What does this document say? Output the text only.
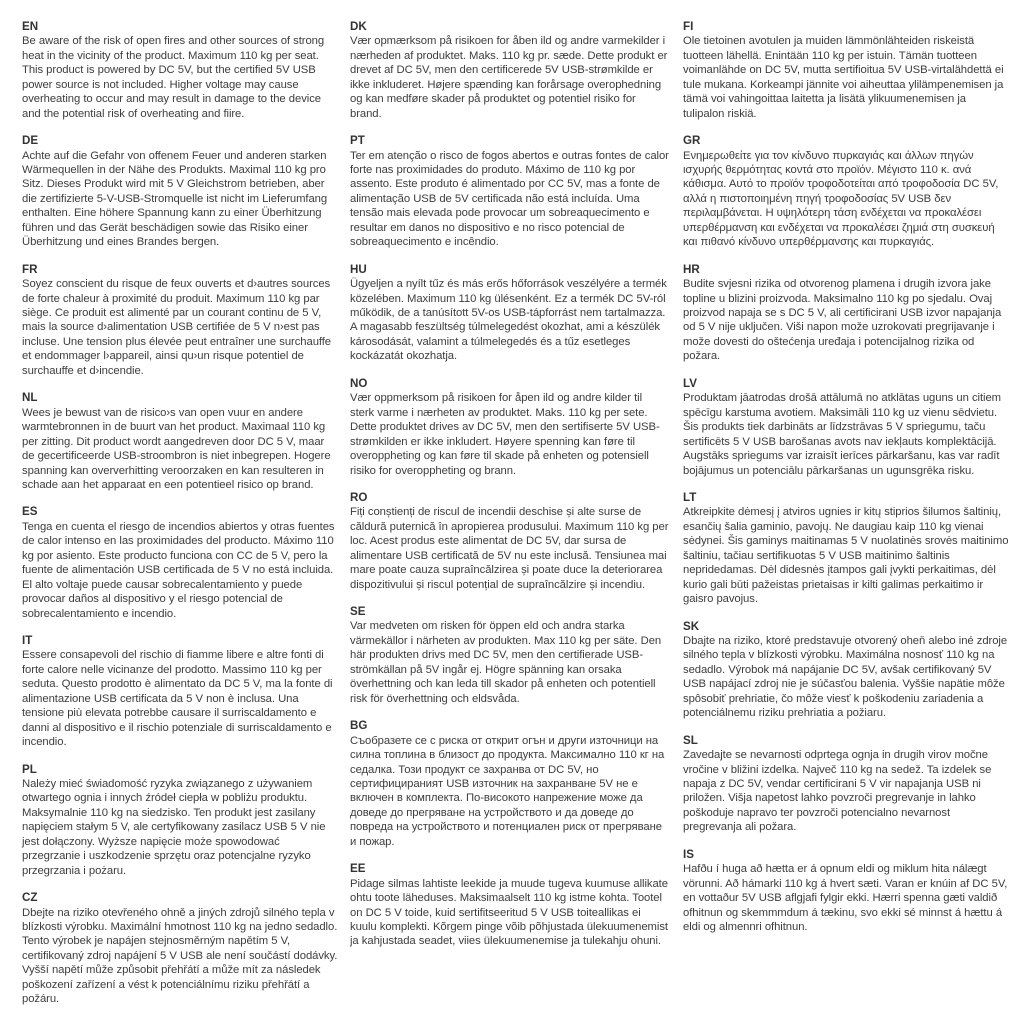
EN

Be aware of the risk of open fires and other sources of strong heat in the vicinity of the product. Maximum 110 kg per seat. This product is powered by DC 5V, but the certified 5V USB power source is not included. Higher voltage may cause overheating to occur and may result in damage to the device and the potential risk of overheating and fiire.

DE

Achte auf die Gefahr von offenem Feuer und anderen starken Wärmequellen in der Nähe des Produkts. Maximal 110 kg pro Sitz. Dieses Produkt wird mit 5 V Gleichstrom betrieben, aber die zertifizierte 5-V-USB-Stromquelle ist nicht im Lieferumfang enthalten. Eine höhere Spannung kann zu einer Überhitzung führen und das Gerät beschädigen sowie das Risiko einer Überhitzung und eines Brandes bergen.

FR

Soyez conscient du risque de feux ouverts et d›autres sources de forte chaleur à proximité du produit. Maximum 110 kg par siège. Ce produit est alimenté par un courant continu de 5 V, mais la source d›alimentation USB certifiée de 5 V n›est pas incluse. Une tension plus élevée peut entraîner une surchauffe et endommager l›appareil, ainsi qu›un risque potentiel de surchauffe et d›incendie.

NL

Wees je bewust van de risico›s van open vuur en andere warmtebronnen in de buurt van het product. Maximaal 110 kg per zitting. Dit product wordt aangedreven door DC 5 V, maar de gecertificeerde USB-stroombron is niet inbegrepen. Hogere spanning kan oververhitting veroorzaken en kan resulteren in schade aan het apparaat en een potentieel risico op brand.

ES

Tenga en cuenta el riesgo de incendios abiertos y otras fuentes de calor intenso en las proximidades del producto. Máximo 110 kg por asiento. Este producto funciona con CC de 5 V, pero la fuente de alimentación USB certificada de 5 V no está incluida. El alto voltaje puede causar sobrecalentamiento y puede provocar daños al dispositivo y el riesgo potencial de sobrecalentamiento e incendio.

IT

Essere consapevoli del rischio di fiamme libere e altre fonti di forte calore nelle vicinanze del prodotto. Massimo 110 kg per seduta. Questo prodotto è alimentato da DC 5 V, ma la fonte di alimentazione USB certificata da 5 V non è inclusa. Una tensione più elevata potrebbe causare il surriscaldamento e danni al dispositivo e il rischio potenziale di surriscaldamento e incendio.

PL

Należy mieć świadomość ryzyka związanego z używaniem otwartego ognia i innych źródeł ciepła w pobliżu produktu. Maksymalnie 110 kg na siedzisko. Ten produkt jest zasilany napięciem stałym 5 V, ale certyfikowany zasilacz USB 5 V nie jest dołączony. Wyższe napięcie może spowodować przegrzanie i uszkodzenie sprzętu oraz potencjalne ryzyko przegrzania i pożaru.

CZ

Dbejte na riziko otevřeného ohně a jiných zdrojů silného tepla v blízkosti výrobku. Maximální hmotnost 110 kg na jedno sedadlo. Tento výrobek je napájen stejnosměrným napětím 5 V, certifikovaný zdroj napájení 5 V USB ale není součástí dodávky. Vyšší napětí může způsobit přehřátí a může mít za následek poškození zařízení a vést k potenciálnímu riziku přehřátí a požáru.

DK

Vær opmærksom på risikoen for åben ild og andre varmekilder i nærheden af produktet. Maks. 110 kg pr. sæde. Dette produkt er drevet af DC 5V, men den certificerede 5V USB-strømkilde er ikke inkluderet. Højere spænding kan forårsage overophedning og kan medføre skader på produktet og potentiel risiko for brand.

PT

Ter em atenção o risco de fogos abertos e outras fontes de calor forte nas proximidades do produto. Máximo de 110 kg por assento. Este produto é alimentado por CC 5V, mas a fonte de alimentação USB de 5V certificada não está incluída. Uma tensão mais elevada pode provocar um sobreaquecimento e resultar em danos no dispositivo e no risco potencial de sobreaquecimento e incêndio.

HU

Ügyeljen a nyílt tűz és más erős hőforrások veszélyére a termék közelében. Maximum 110 kg ülésenként. Ez a termék DC 5V-ról működik, de a tanúsított 5V-os USB-tápforrást nem tartalmazza. A magasabb feszültség túlmelegedést okozhat, ami a készülék károsodását, valamint a túlmelegedés és a tűz esetleges kockázatát okozhatja.

NO

Vær oppmerksom på risikoen for åpen ild og andre kilder til sterk varme i nærheten av produktet. Maks. 110 kg per sete. Dette produktet drives av DC 5V, men den sertifiserte 5V USB-strømkilden er ikke inkludert. Høyere spenning kan føre til overoppheting og kan føre til skade på enheten og potensiell risiko for overoppheting og brann.

RO

Fiți conștienți de riscul de incendii deschise și alte surse de căldură puternică în apropierea produsului. Maximum 110 kg per loc. Acest produs este alimentat de DC 5V, dar sursa de alimentare USB certificată de 5V nu este inclusă. Tensiunea mai mare poate cauza supraîncălzirea și poate duce la deteriorarea dispozitivului și riscul potențial de supraîncălzire și incendiu.

SE

Var medveten om risken för öppen eld och andra starka värmekällor i närheten av produkten. Max 110 kg per säte. Den här produkten drivs med DC 5V, men den certifierade USB-strömkällan på 5V ingår ej. Högre spänning kan orsaka överhettning och kan leda till skador på enheten och potentiell risk för överhettning och eldsvåda.

BG

Съобразете се с риска от открит огън и други източници на силна топлина в близост до продукта. Максимално 110 кг на седалка. Този продукт се захранва от DC 5V, но сертифицираният USB източник на захранване 5V не е включен в комплекта. По-високото напрежение може да доведе до прегряване на устройството и да доведе до повреда на устройството и потенциален риск от прегряване и пожар.

EE

Pidage silmas lahtiste leekide ja muude tugeva kuumuse allikate ohtu toote läheduses. Maksimaalselt 110 kg istme kohta. Tootel on DC 5 V toide, kuid sertifitseeritud 5 V USB toiteallikas ei kuulu komplekti. Kõrgem pinge võib põhjustada ülekuumenemist ja kahjustada seadet, viies ülekuumenemise ja tulekahju ohuni.

FI

Ole tietoinen avotulen ja muiden lämmönlähteiden riskeistä tuotteen lähellä. Enintään 110 kg per istuin. Tämän tuotteen voimanlähde on DC 5V, mutta sertifioitua 5V USB-virtalähdettä ei tule mukana. Korkeampi jännite voi aiheuttaa ylilämpenemisen ja tämä voi vahingoittaa laitetta ja lisätä ylikuumenemisen ja tulipalon riskiä.

GR

Ενημερωθείτε για τον κίνδυνο πυρκαγιάς και άλλων πηγών ισχυρής θερμότητας κοντά στο προϊόν. Μέγιστο 110 κ. ανά κάθισμα. Αυτό το προϊόν τροφοδοτείται από τροφοδοσία DC 5V, αλλά η πιστοποιημένη πηγή τροφοδοσίας 5V USB δεν περιλαμβάνεται. Η υψηλότερη τάση ενδέχεται να προκαλέσει υπερθέρμανση και ενδέχεται να προκαλέσει ζημιά στη συσκευή και πιθανό κίνδυνο υπερθέρμανσης και πυρκαγιάς.

HR

Budite svjesni rizika od otvorenog plamena i drugih izvora jake topline u blizini proizvoda. Maksimalno 110 kg po sjedalu. Ovaj proizvod napaja se s DC 5 V, ali certificirani USB izvor napajanja od 5 V nije uključen. Viši napon može uzrokovati pregrijavanje i može dovesti do oštećenja uređaja i potencijalnog rizika od požara.

LV

Produktam jāatrodas drošā attālumā no atklātas uguns un citiem spēcīgu karstuma avotiem. Maksimāli 110 kg uz vienu sēdvietu. Šis produkts tiek darbināts ar līdzstrāvas 5 V spriegumu, taču sertificēts 5 V USB barošanas avots nav iekļauts komplektācijā. Augstāks spriegums var izraisīt ierīces pārkaršanu, kas var radīt bojājumus un potenciālu pārkaršanas un ugunsgrēka risku.

LT

Atkreipkite dėmesį į atviros ugnies ir kitų stiprios šilumos šaltinių, esančių šalia gaminio, pavojų. Ne daugiau kaip 110 kg vienai sėdynei. Šis gaminys maitinamas 5 V nuolatinės srovės maitinimo šaltiniu, tačiau sertifikuotas 5 V USB maitinimo šaltinis nepridedamas. Dėl didesnės įtampos gali įvykti perkaitimas, dėl kurio gali būti pažeistas prietaisas ir kilti galimas perkaitimo ir gaisro pavojus.

SK

Dbajte na riziko, ktoré predstavuje otvorený oheň alebo iné zdroje silného tepla v blízkosti výrobku. Maximálna nosnosť 110 kg na sedadlo. Výrobok má napájanie DC 5V, avšak certifikovaný 5V USB napájací zdroj nie je súčasťou balenia. Vyššie napätie môže spôsobiť prehriatie, čo môže viesť k poškodeniu zariadenia a potenciálnemu riziku prehriatia a požiaru.

SL

Zavedajte se nevarnosti odprtega ognja in drugih virov močne vročine v bližini izdelka. Največ 110 kg na sedež. Ta izdelek se napaja z DC 5V, vendar certificirani 5 V vir napajanja USB ni priložen. Višja napetost lahko povzroči pregrevanje in lahko poškoduje napravo ter povzroči potencialno nevarnost pregrevanja ali požara.

IS

Hafðu í huga að hætta er á opnum eldi og miklum hita nálægt vörunni. Að hámarki 110 kg á hvert sæti. Varan er knúin af DC 5V, en vottaður 5V USB aflgjafi fylgir ekki. Hærri spenna gæti valdið ofhitnun og skemmmdum á tækinu, svo ekki sé minnst á hættu á eldi og almennri ofhitnun.
